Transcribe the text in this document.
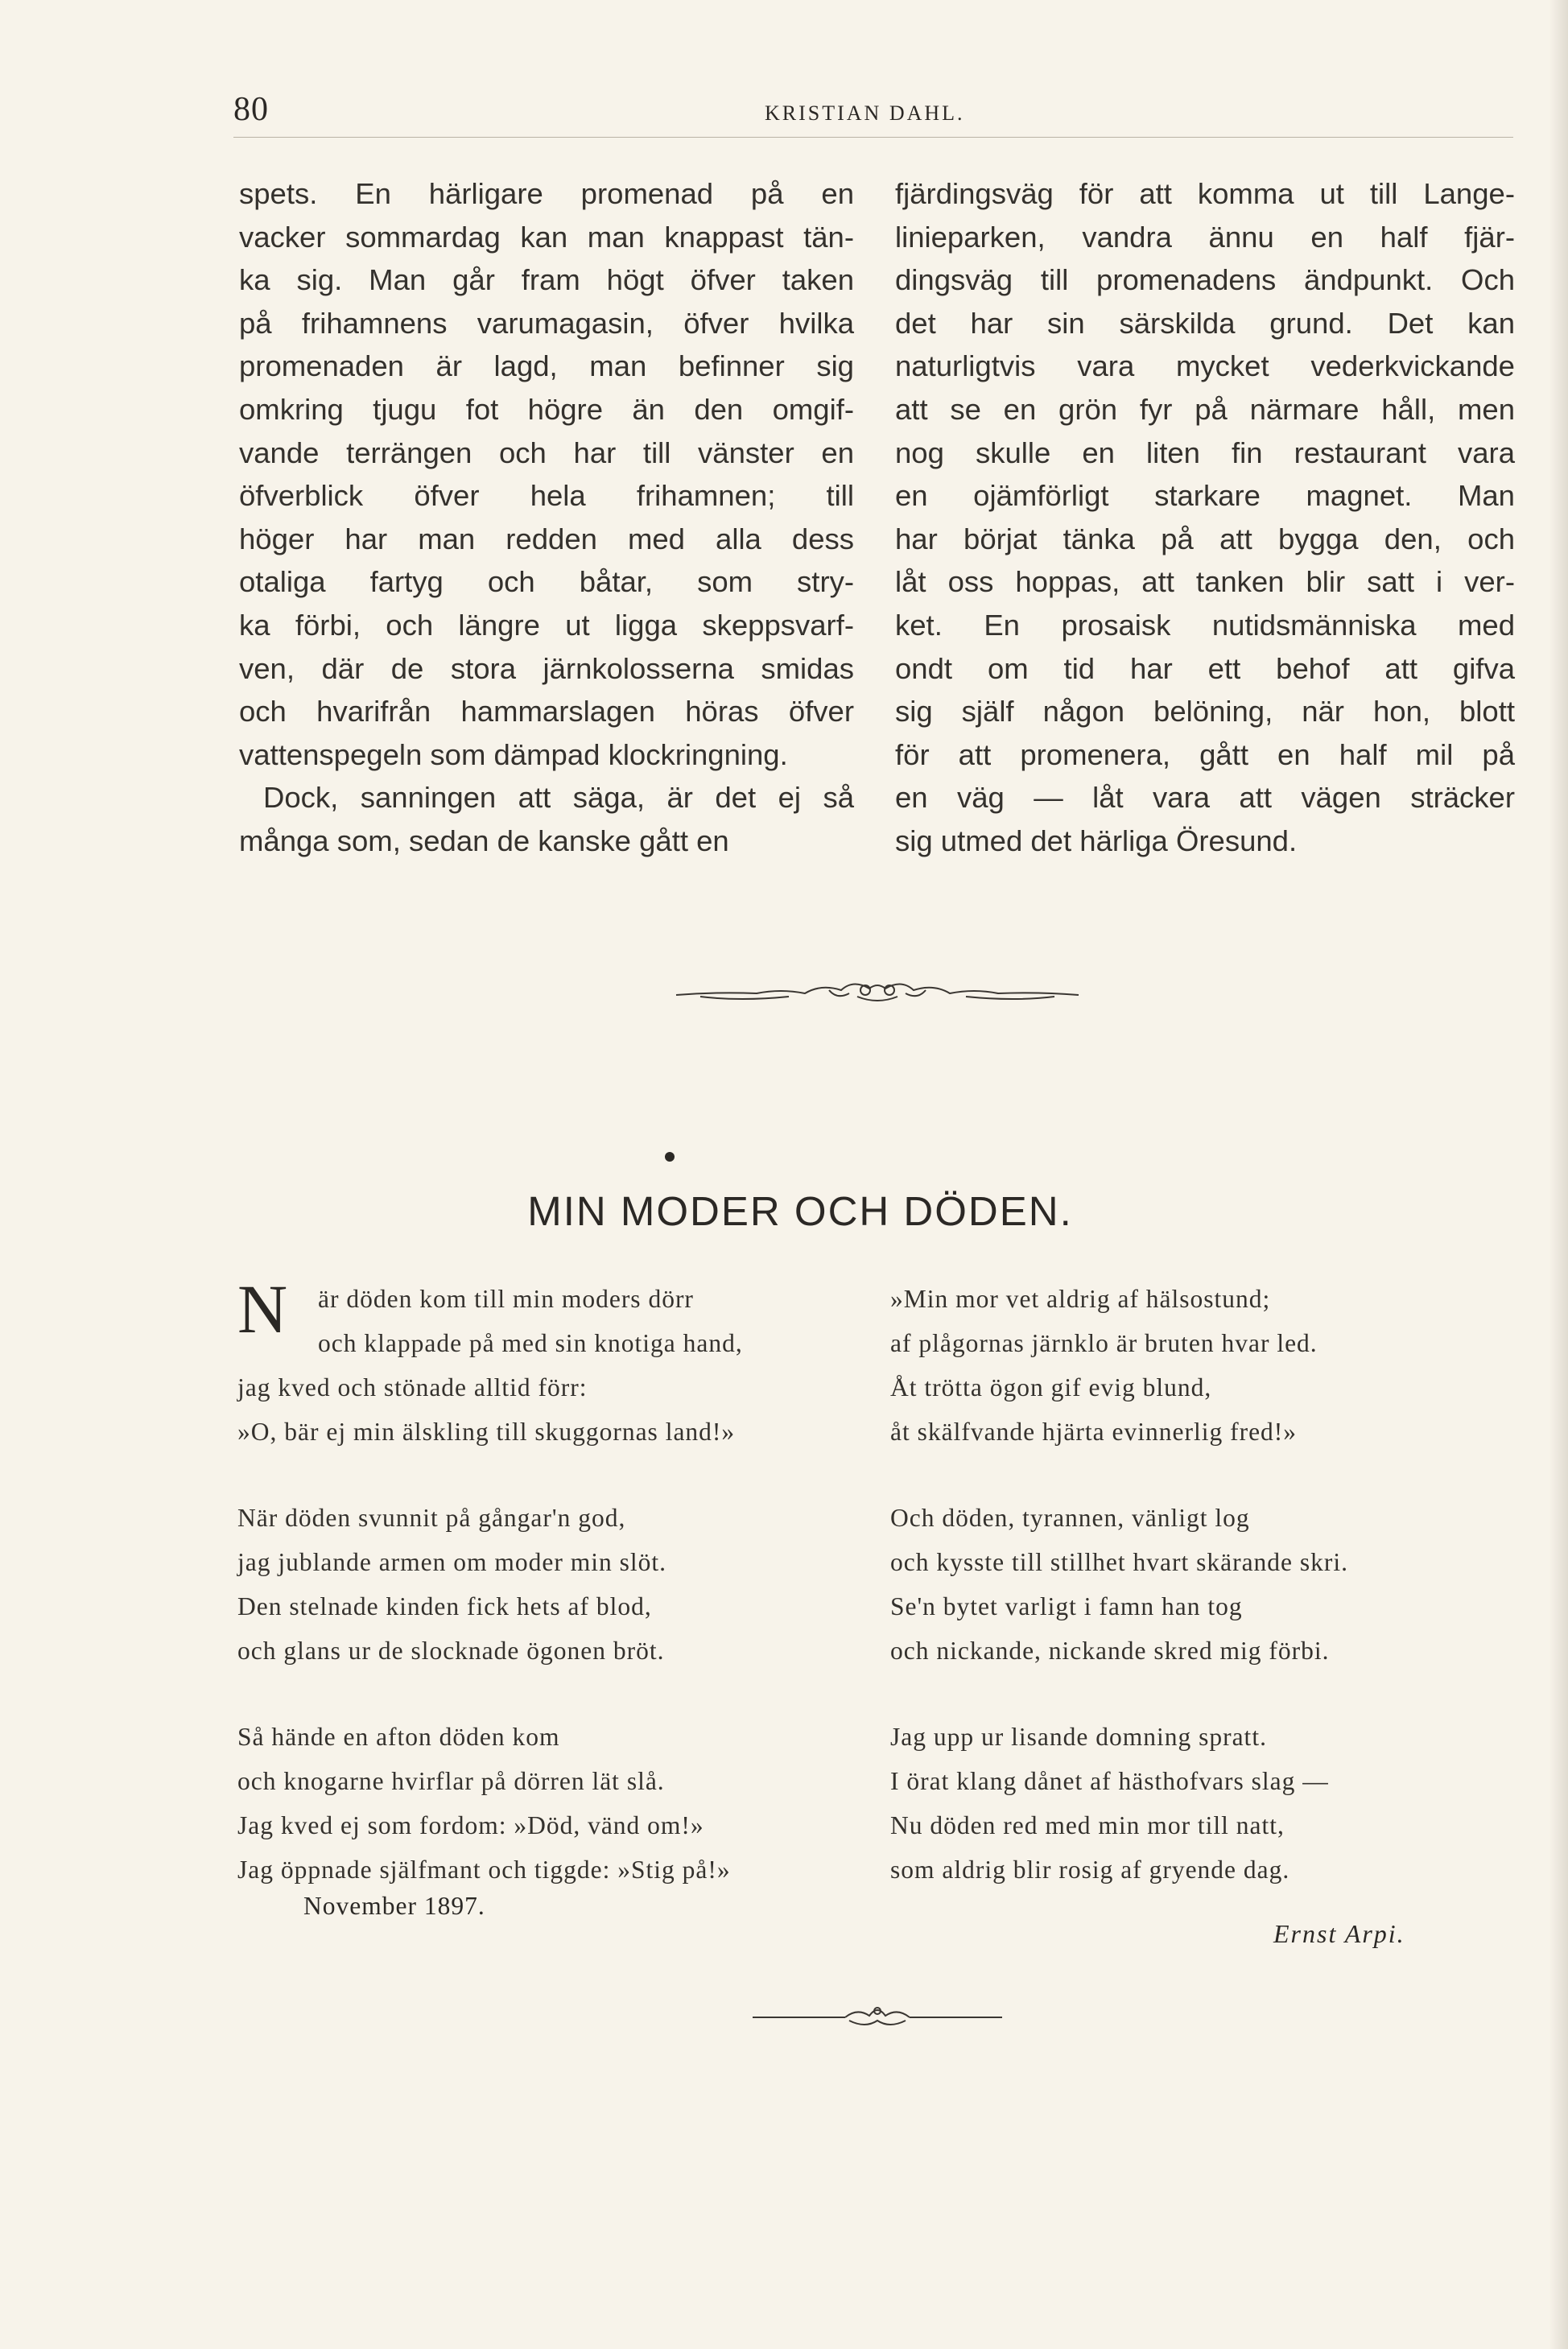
80	KRISTIAN DAHL.
spets. En härligare promenad på en
vacker sommardag kan man knappast tän-
ka sig. Man går fram högt öfver taken
på frihamnens varumagasin, öfver hvilka
promenaden är lagd, man befinner sig
omkring tjugu fot högre än den omgif-
vande terrängen och har till vänster en
öfverblick öfver hela frihamnen; till
höger har man redden med alla dess
otaliga fartyg och båtar, som stry-
ka förbi, och längre ut ligga skeppsvarf-
ven, där de stora järnkolosserna smidas
och hvarifrån hammarslagen höras öfver
vattenspegeln som dämpad klockringning.
Dock, sanningen att säga, är det ej så
många som, sedan de kanske gått en
fjärdingsväg för att komma ut till Lange-
linieparken, vandra ännu en half fjär-
dingsväg till promenadens ändpunkt. Och
det har sin särskilda grund. Det kan
naturligtvis vara mycket vederkvickande
att se en grön fyr på närmare håll, men
nog skulle en liten fin restaurant vara
en ojämförligt starkare magnet. Man
har börjat tänka på att bygga den, och
låt oss hoppas, att tanken blir satt i ver-
ket. En prosaisk nutidsmänniska med
ondt om tid har ett behof att gifva
sig själf någon belöning, när hon, blott
för att promenera, gått en half mil på
en väg — låt vara att vägen sträcker
sig utmed det härliga Öresund.
MIN MODER OCH DÖDEN.
N	är döden kom till min moders dörr
och klappade på med sin knotiga hand,
jag kved och stönade alltid förr:
»O, bär ej min älskling till skuggornas land!»
När döden svunnit på gångar'n god,
jag jublande armen om moder min slöt.
Den stelnade kinden fick hets af blod,
och glans ur de slocknade ögonen bröt.
Så hände en afton döden kom
och knogarne hvirflar på dörren lät slå.
Jag kved ej som fordom: »Död, vänd om!»
Jag öppnade själfmant och tiggde: »Stig på!»
»Min mor vet aldrig af hälsostund;
af plågornas järnklo är bruten hvar led.
Åt trötta ögon gif evig blund,
åt skälfvande hjärta evinnerlig fred!»
Och döden, tyrannen, vänligt log
och kysste till stillhet hvart skärande skri.
Se'n bytet varligt i famn han tog
och nickande, nickande skred mig förbi.
Jag upp ur lisande domning spratt.
I örat klang dånet af hästhofvars slag —
Nu döden red med min mor till natt,
som aldrig blir rosig af gryende dag.
November 1897.
Ernst Arpi.
